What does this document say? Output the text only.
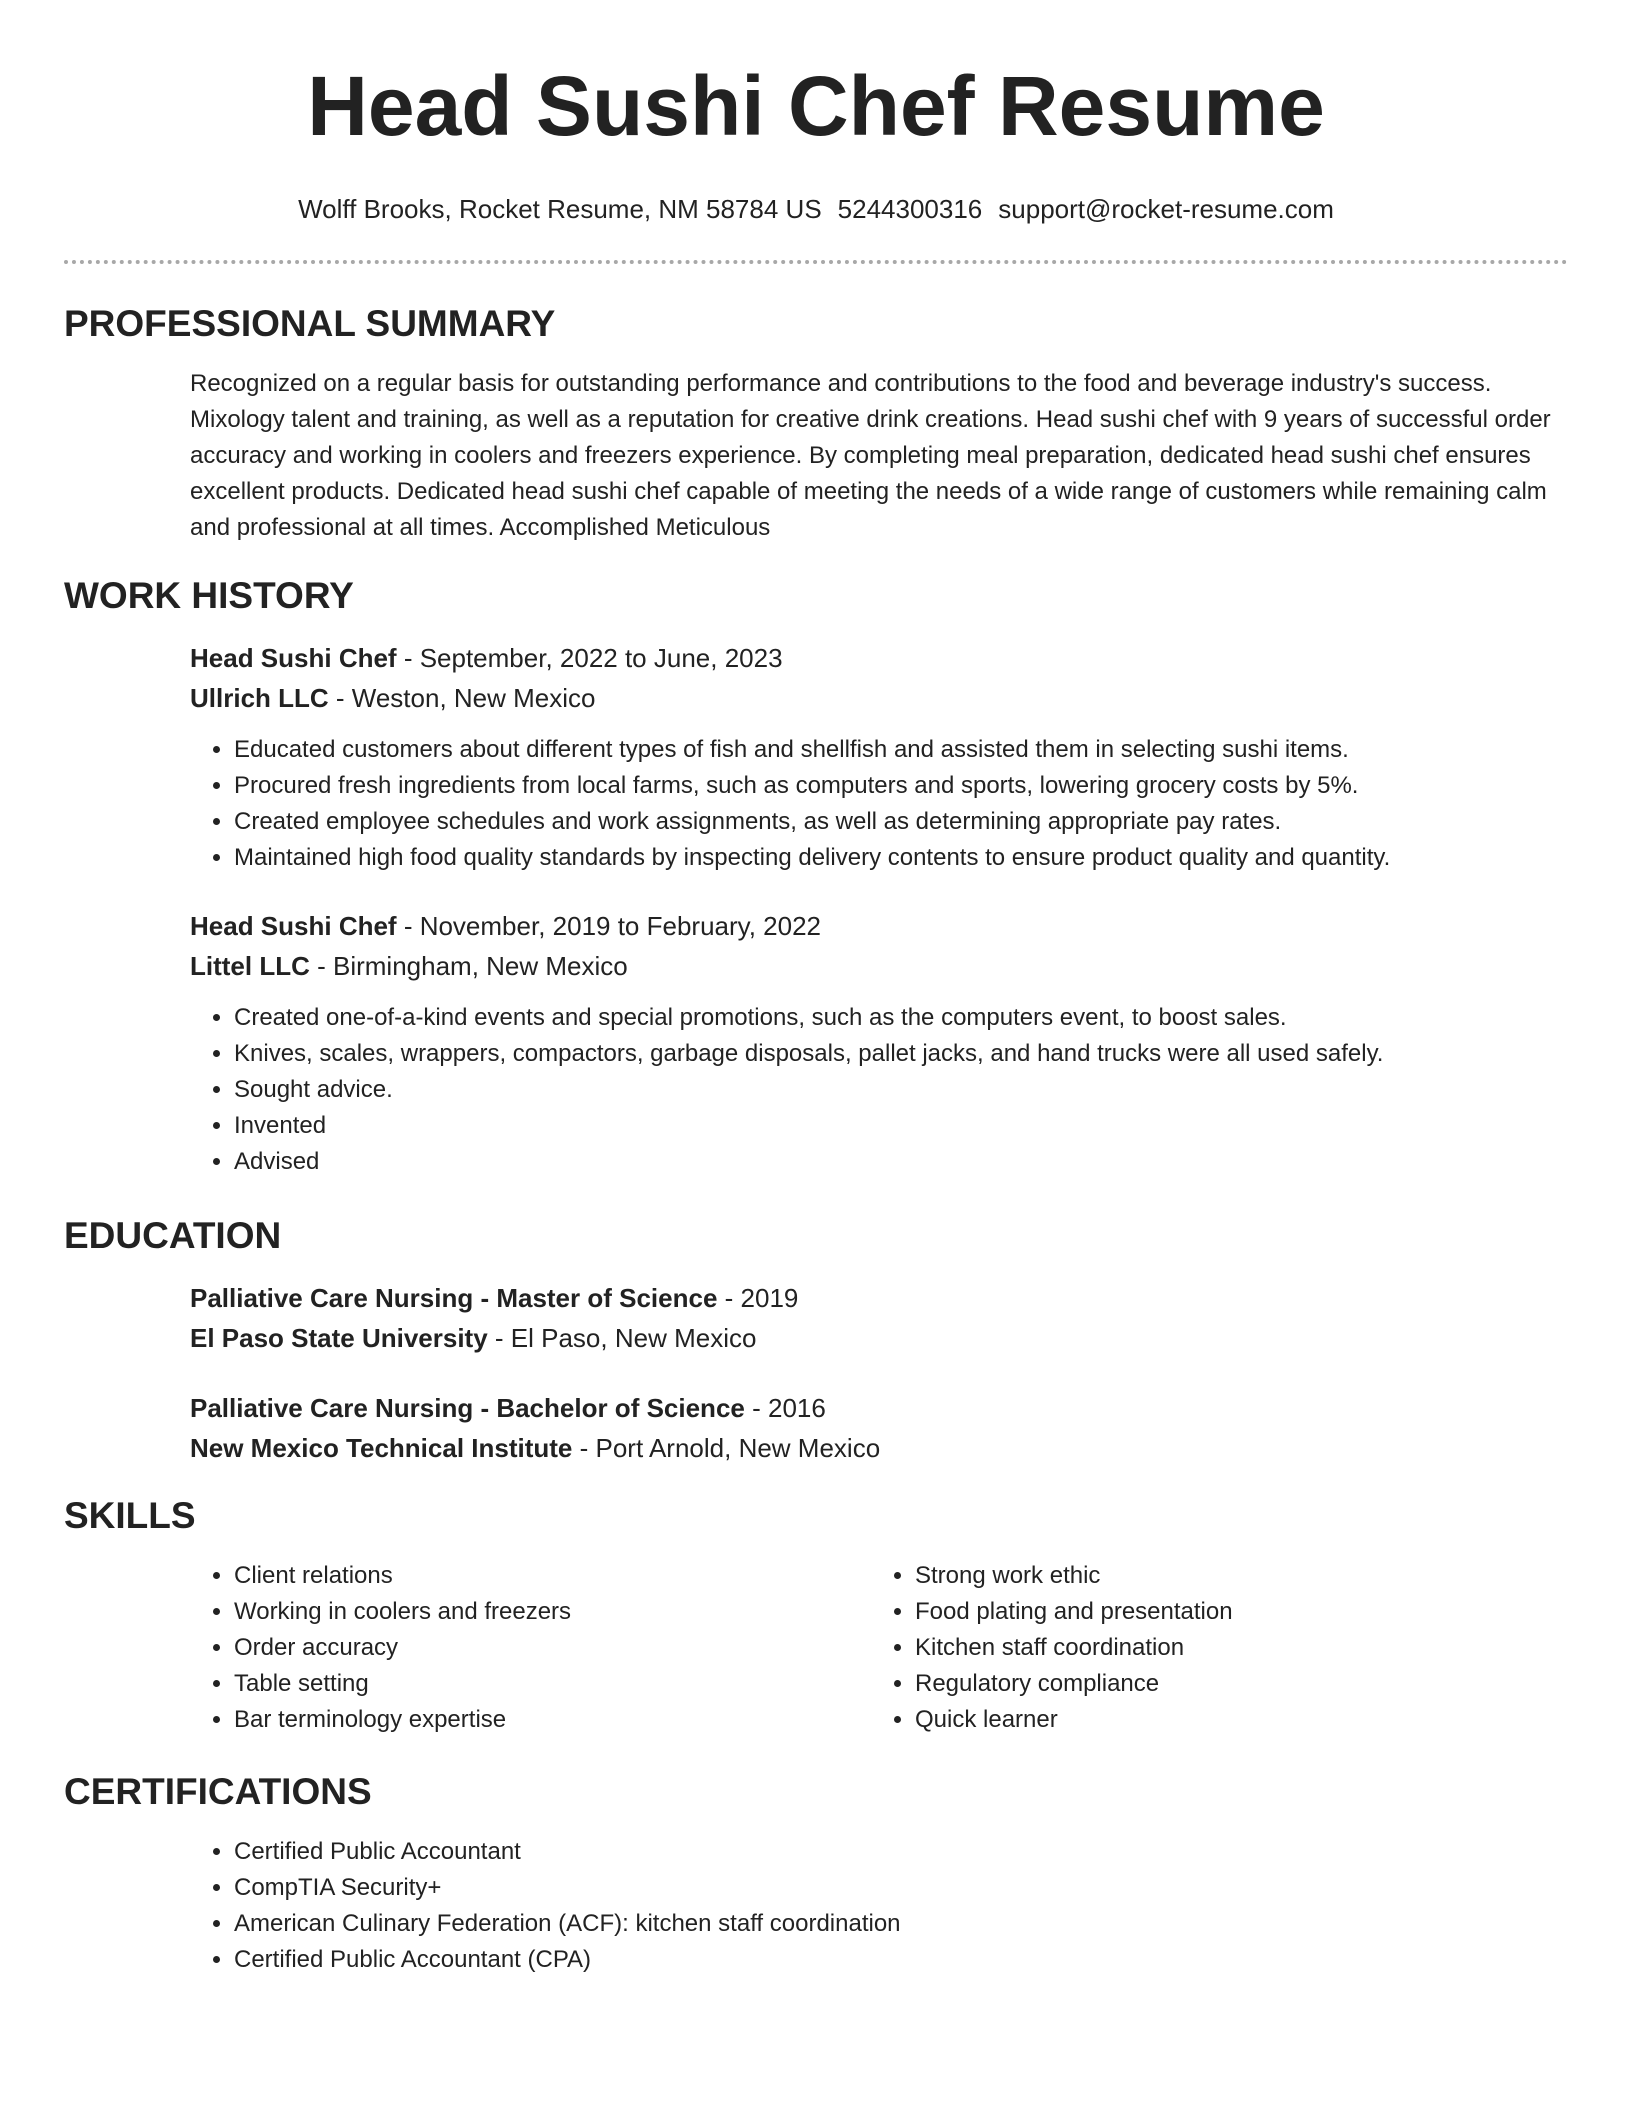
Head Sushi Chef Resume
Wolff Brooks, Rocket Resume, NM 58784 US 5244300316 support@rocket-resume.com
PROFESSIONAL SUMMARY

Recognized on a regular basis for outstanding performance and contributions to the food and beverage industry's success. Mixology talent and training, as well as a reputation for creative drink creations. Head sushi chef with 9 years of successful order accuracy and working in coolers and freezers experience. By completing meal preparation, dedicated head sushi chef ensures excellent products. Dedicated head sushi chef capable of meeting the needs of a wide range of customers while remaining calm and professional at all times. Accomplished Meticulous

WORK HISTORY
Head Sushi Chef - September, 2022 to June, 2023
Ullrich LLC - Weston, New Mexico
• Educated customers about different types of fish and shellfish and assisted them in selecting sushi items.
• Procured fresh ingredients from local farms, such as computers and sports, lowering grocery costs by 5%.
• Created employee schedules and work assignments, as well as determining appropriate pay rates.
• Maintained high food quality standards by inspecting delivery contents to ensure product quality and quantity.
Head Sushi Chef - November, 2019 to February, 2022
Littel LLC - Birmingham, New Mexico
• Created one-of-a-kind events and special promotions, such as the computers event, to boost sales.
• Knives, scales, wrappers, compactors, garbage disposals, pallet jacks, and hand trucks were all used safely.
• Sought advice.
• Invented
• Advised
EDUCATION
Palliative Care Nursing - Master of Science - 2019
El Paso State University - El Paso, New Mexico
Palliative Care Nursing - Bachelor of Science - 2016
New Mexico Technical Institute - Port Arnold, New Mexico
SKILLS
• Client relations
• Working in coolers and freezers
• Order accuracy
• Table setting
• Bar terminology expertise
• Strong work ethic
• Food plating and presentation
• Kitchen staff coordination
• Regulatory compliance
• Quick learner
CERTIFICATIONS
• Certified Public Accountant
• CompTIA Security+
• American Culinary Federation (ACF): kitchen staff coordination
• Certified Public Accountant (CPA)
